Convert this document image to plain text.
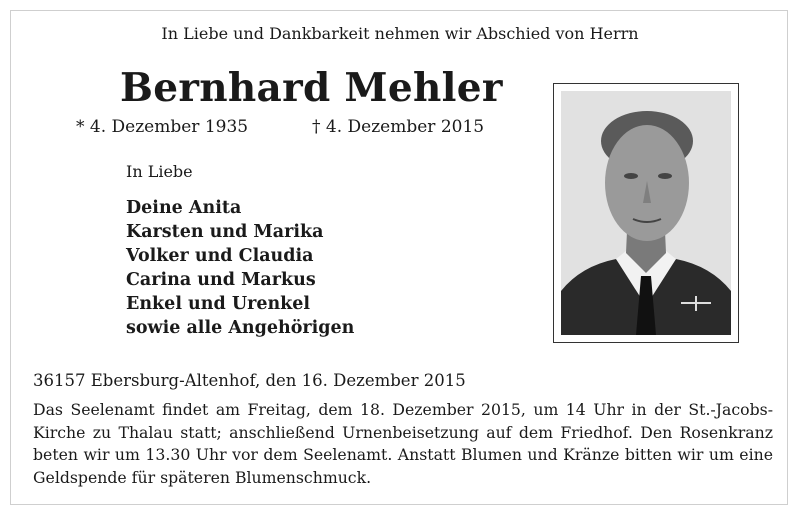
In Liebe und Dankbarkeit nehmen wir Abschied von Herrn
Bernhard Mehler
* 4. Dezember 1935	† 4. Dezember 2015
In Liebe
Deine Anita
Karsten und Marika
Volker und Claudia
Carina und Markus
Enkel und Urenkel
sowie alle Angehörigen
36157 Ebersburg-Altenhof, den 16. Dezember 2015
Das Seelenamt findet am Freitag, dem 18. Dezember 2015, um 14 Uhr in der St.-Jacobs-Kirche zu Thalau statt; anschließend Urnenbeisetzung auf dem Friedhof. Den Rosenkranz beten wir um 13.30 Uhr vor dem Seelenamt. Anstatt Blumen und Kränze bitten wir um eine Geldspende für späteren Blumenschmuck.
